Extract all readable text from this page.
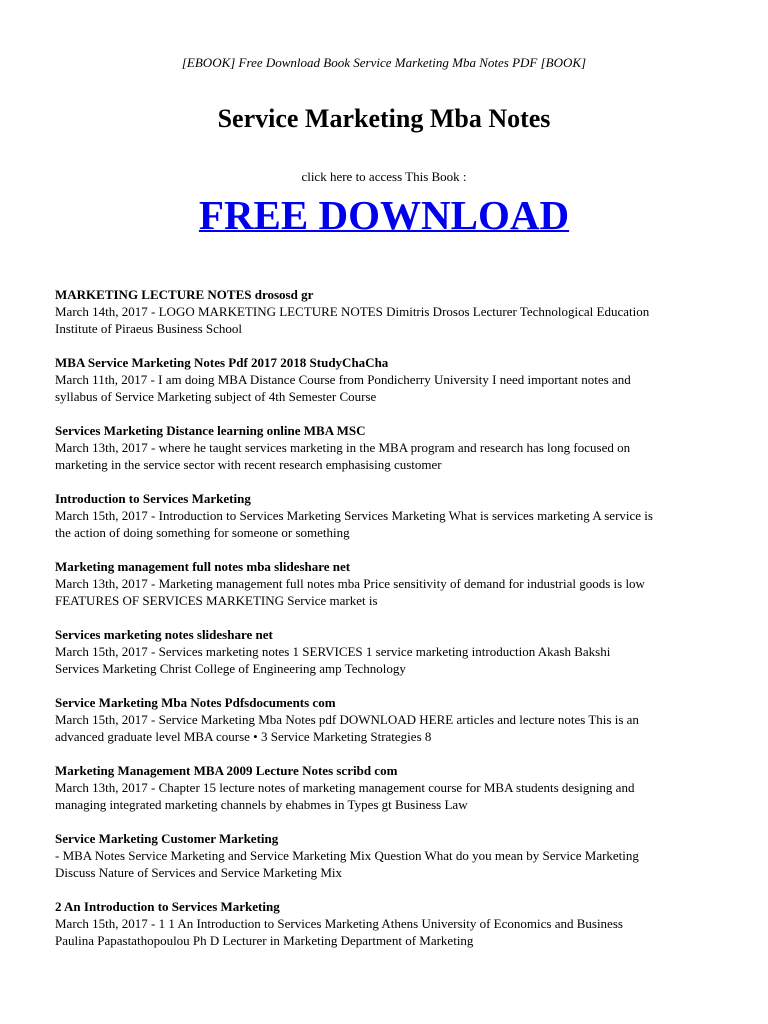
[EBOOK] Free Download Book Service Marketing Mba Notes PDF [BOOK]
Service Marketing Mba Notes
click here to access This Book :
FREE DOWNLOAD
MARKETING LECTURE NOTES drososd gr
March 14th, 2017 - LOGO MARKETING LECTURE NOTES Dimitris Drosos Lecturer Technological Education
Institute of Piraeus Business School
MBA Service Marketing Notes Pdf 2017 2018 StudyChaCha
March 11th, 2017 - I am doing MBA Distance Course from Pondicherry University I need important notes and
syllabus of Service Marketing subject of 4th Semester Course
Services Marketing Distance learning online MBA MSC
March 13th, 2017 - where he taught services marketing in the MBA program and research has long focused on
marketing in the service sector with recent research emphasising customer
Introduction to Services Marketing
March 15th, 2017 - Introduction to Services Marketing Services Marketing What is services marketing A service is
the action of doing something for someone or something
Marketing management full notes mba slideshare net
March 13th, 2017 - Marketing management full notes mba Price sensitivity of demand for industrial goods is low
FEATURES OF SERVICES MARKETING Service market is
Services marketing notes slideshare net
March 15th, 2017 - Services marketing notes 1 SERVICES 1 service marketing introduction Akash Bakshi
Services Marketing Christ College of Engineering amp Technology
Service Marketing Mba Notes Pdfsdocuments com
March 15th, 2017 - Service Marketing Mba Notes pdf DOWNLOAD HERE articles and lecture notes This is an
advanced graduate level MBA course • 3 Service Marketing Strategies 8
Marketing Management MBA 2009 Lecture Notes scribd com
March 13th, 2017 - Chapter 15 lecture notes of marketing management course for MBA students designing and
managing integrated marketing channels by ehabmes in Types gt Business Law
Service Marketing Customer Marketing
- MBA Notes Service Marketing and Service Marketing Mix Question What do you mean by Service Marketing
Discuss Nature of Services and Service Marketing Mix
2 An Introduction to Services Marketing
March 15th, 2017 - 1 1 An Introduction to Services Marketing Athens University of Economics and Business
Paulina Papastathopoulou Ph D Lecturer in Marketing Department of Marketing
